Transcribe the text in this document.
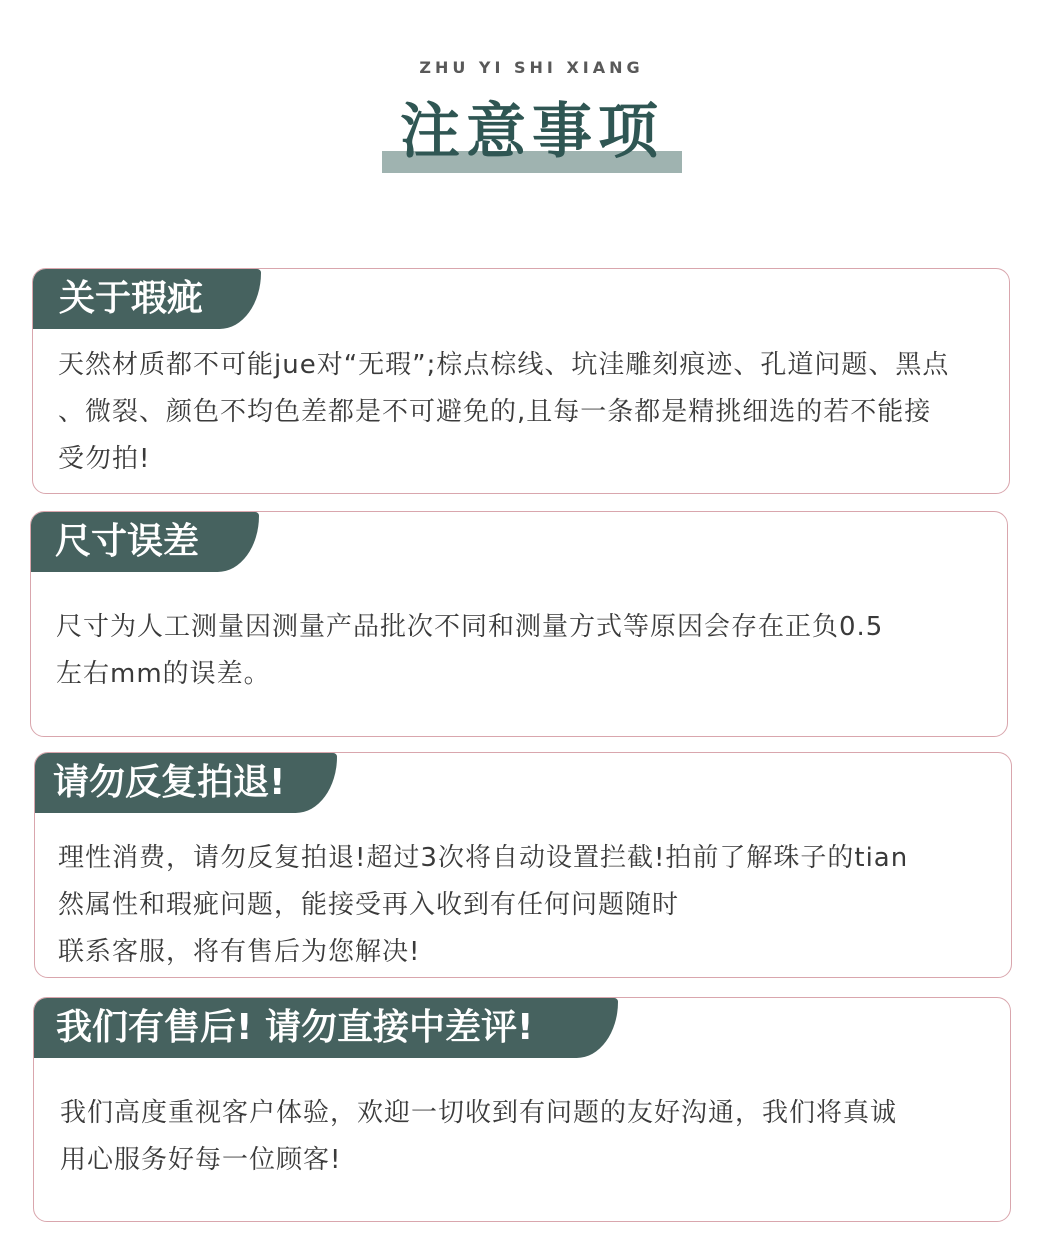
ZHU YI SHI XIANG
注意事项
关于瑕疵
天然材质都不可能jue对“无瑕”;棕点棕线、坑洼雕刻痕迹、孔道问题、黑点
、微裂、颜色不均色差都是不可避免的,且每一条都是精挑细选的若不能接
受勿拍!
尺寸误差
尺寸为人工测量因测量产品批次不同和测量方式等原因会存在正负0.5
左右mm的误差。
请勿反复拍退!
理性消费，请勿反复拍退!超过3次将自动设置拦截!拍前了解珠子的tian
然属性和瑕疵问题，能接受再入收到有任何问题随时
联系客服，将有售后为您解决!
我们有售后! 请勿直接中差评!
我们高度重视客户体验，欢迎一切收到有问题的友好沟通，我们将真诚
用心服务好每一位顾客!
